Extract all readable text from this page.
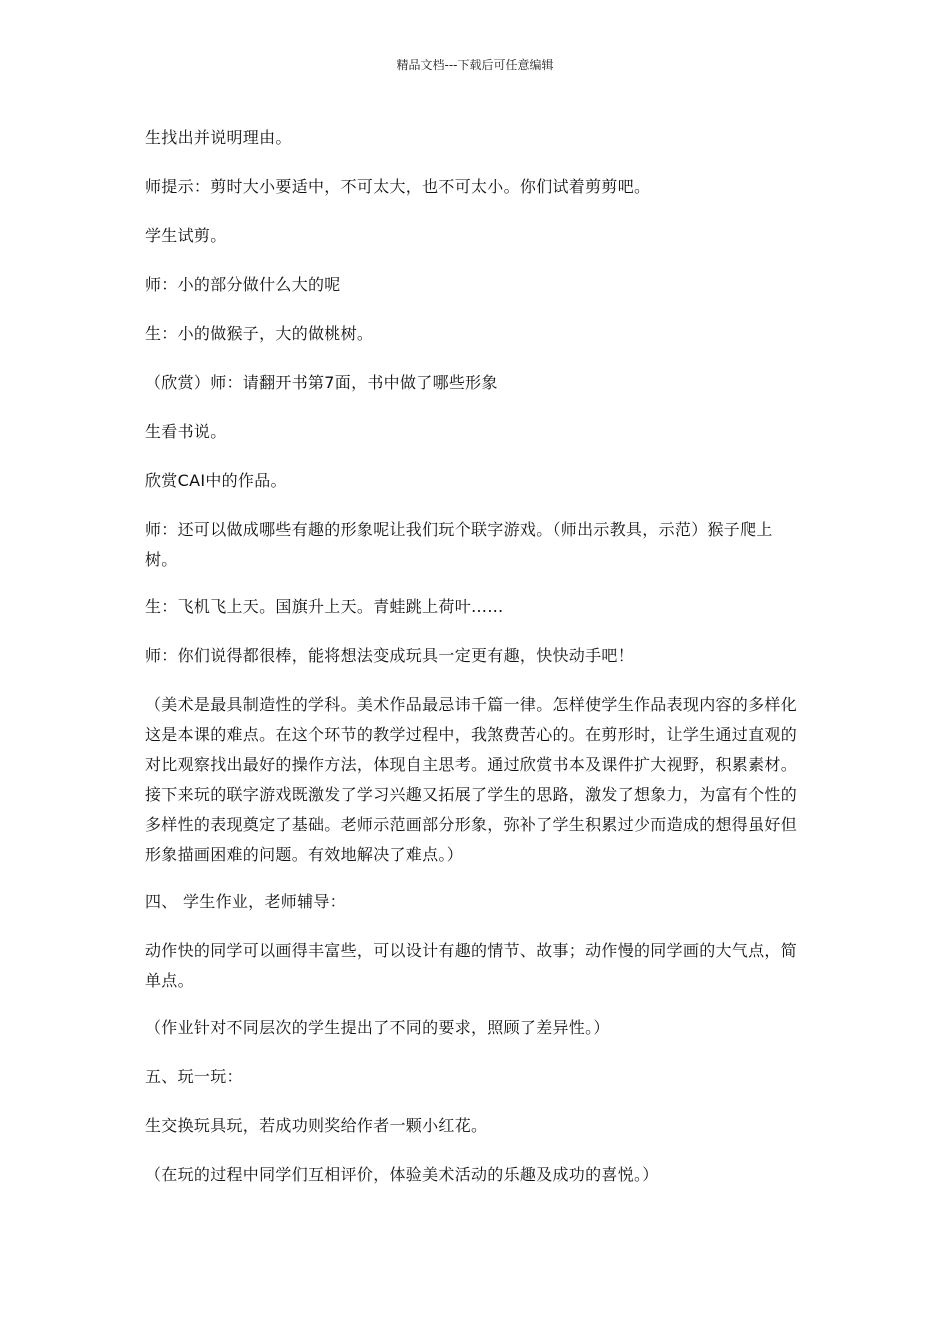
精品文档---下载后可任意编辑

生找出并说明理由。

师提示：剪时大小要适中，不可太大，也不可太小。你们试着剪剪吧。

学生试剪。

师：小的部分做什么大的呢

生：小的做猴子，大的做桃树。

（欣赏）师：请翻开书第7面，书中做了哪些形象

生看书说。

欣赏CAI中的作品。

师：还可以做成哪些有趣的形象呢让我们玩个联字游戏。（师出示教具，示范）猴子爬上树。

生：飞机飞上天。国旗升上天。青蛙跳上荷叶……

师：你们说得都很棒，能将想法变成玩具一定更有趣，快快动手吧！

（美术是最具制造性的学科。美术作品最忌讳千篇一律。怎样使学生作品表现内容的多样化这是本课的难点。在这个环节的教学过程中，我煞费苦心的。在剪形时，让学生通过直观的对比观察找出最好的操作方法，体现自主思考。通过欣赏书本及课件扩大视野，积累素材。接下来玩的联字游戏既激发了学习兴趣又拓展了学生的思路，激发了想象力，为富有个性的多样性的表现奠定了基础。老师示范画部分形象，弥补了学生积累过少而造成的想得虽好但形象描画困难的问题。有效地解决了难点。）

四、 学生作业，老师辅导：

动作快的同学可以画得丰富些，可以设计有趣的情节、故事；动作慢的同学画的大气点，简单点。

（作业针对不同层次的学生提出了不同的要求，照顾了差异性。）

五、玩一玩：

生交换玩具玩，若成功则奖给作者一颗小红花。

（在玩的过程中同学们互相评价，体验美术活动的乐趣及成功的喜悦。）
